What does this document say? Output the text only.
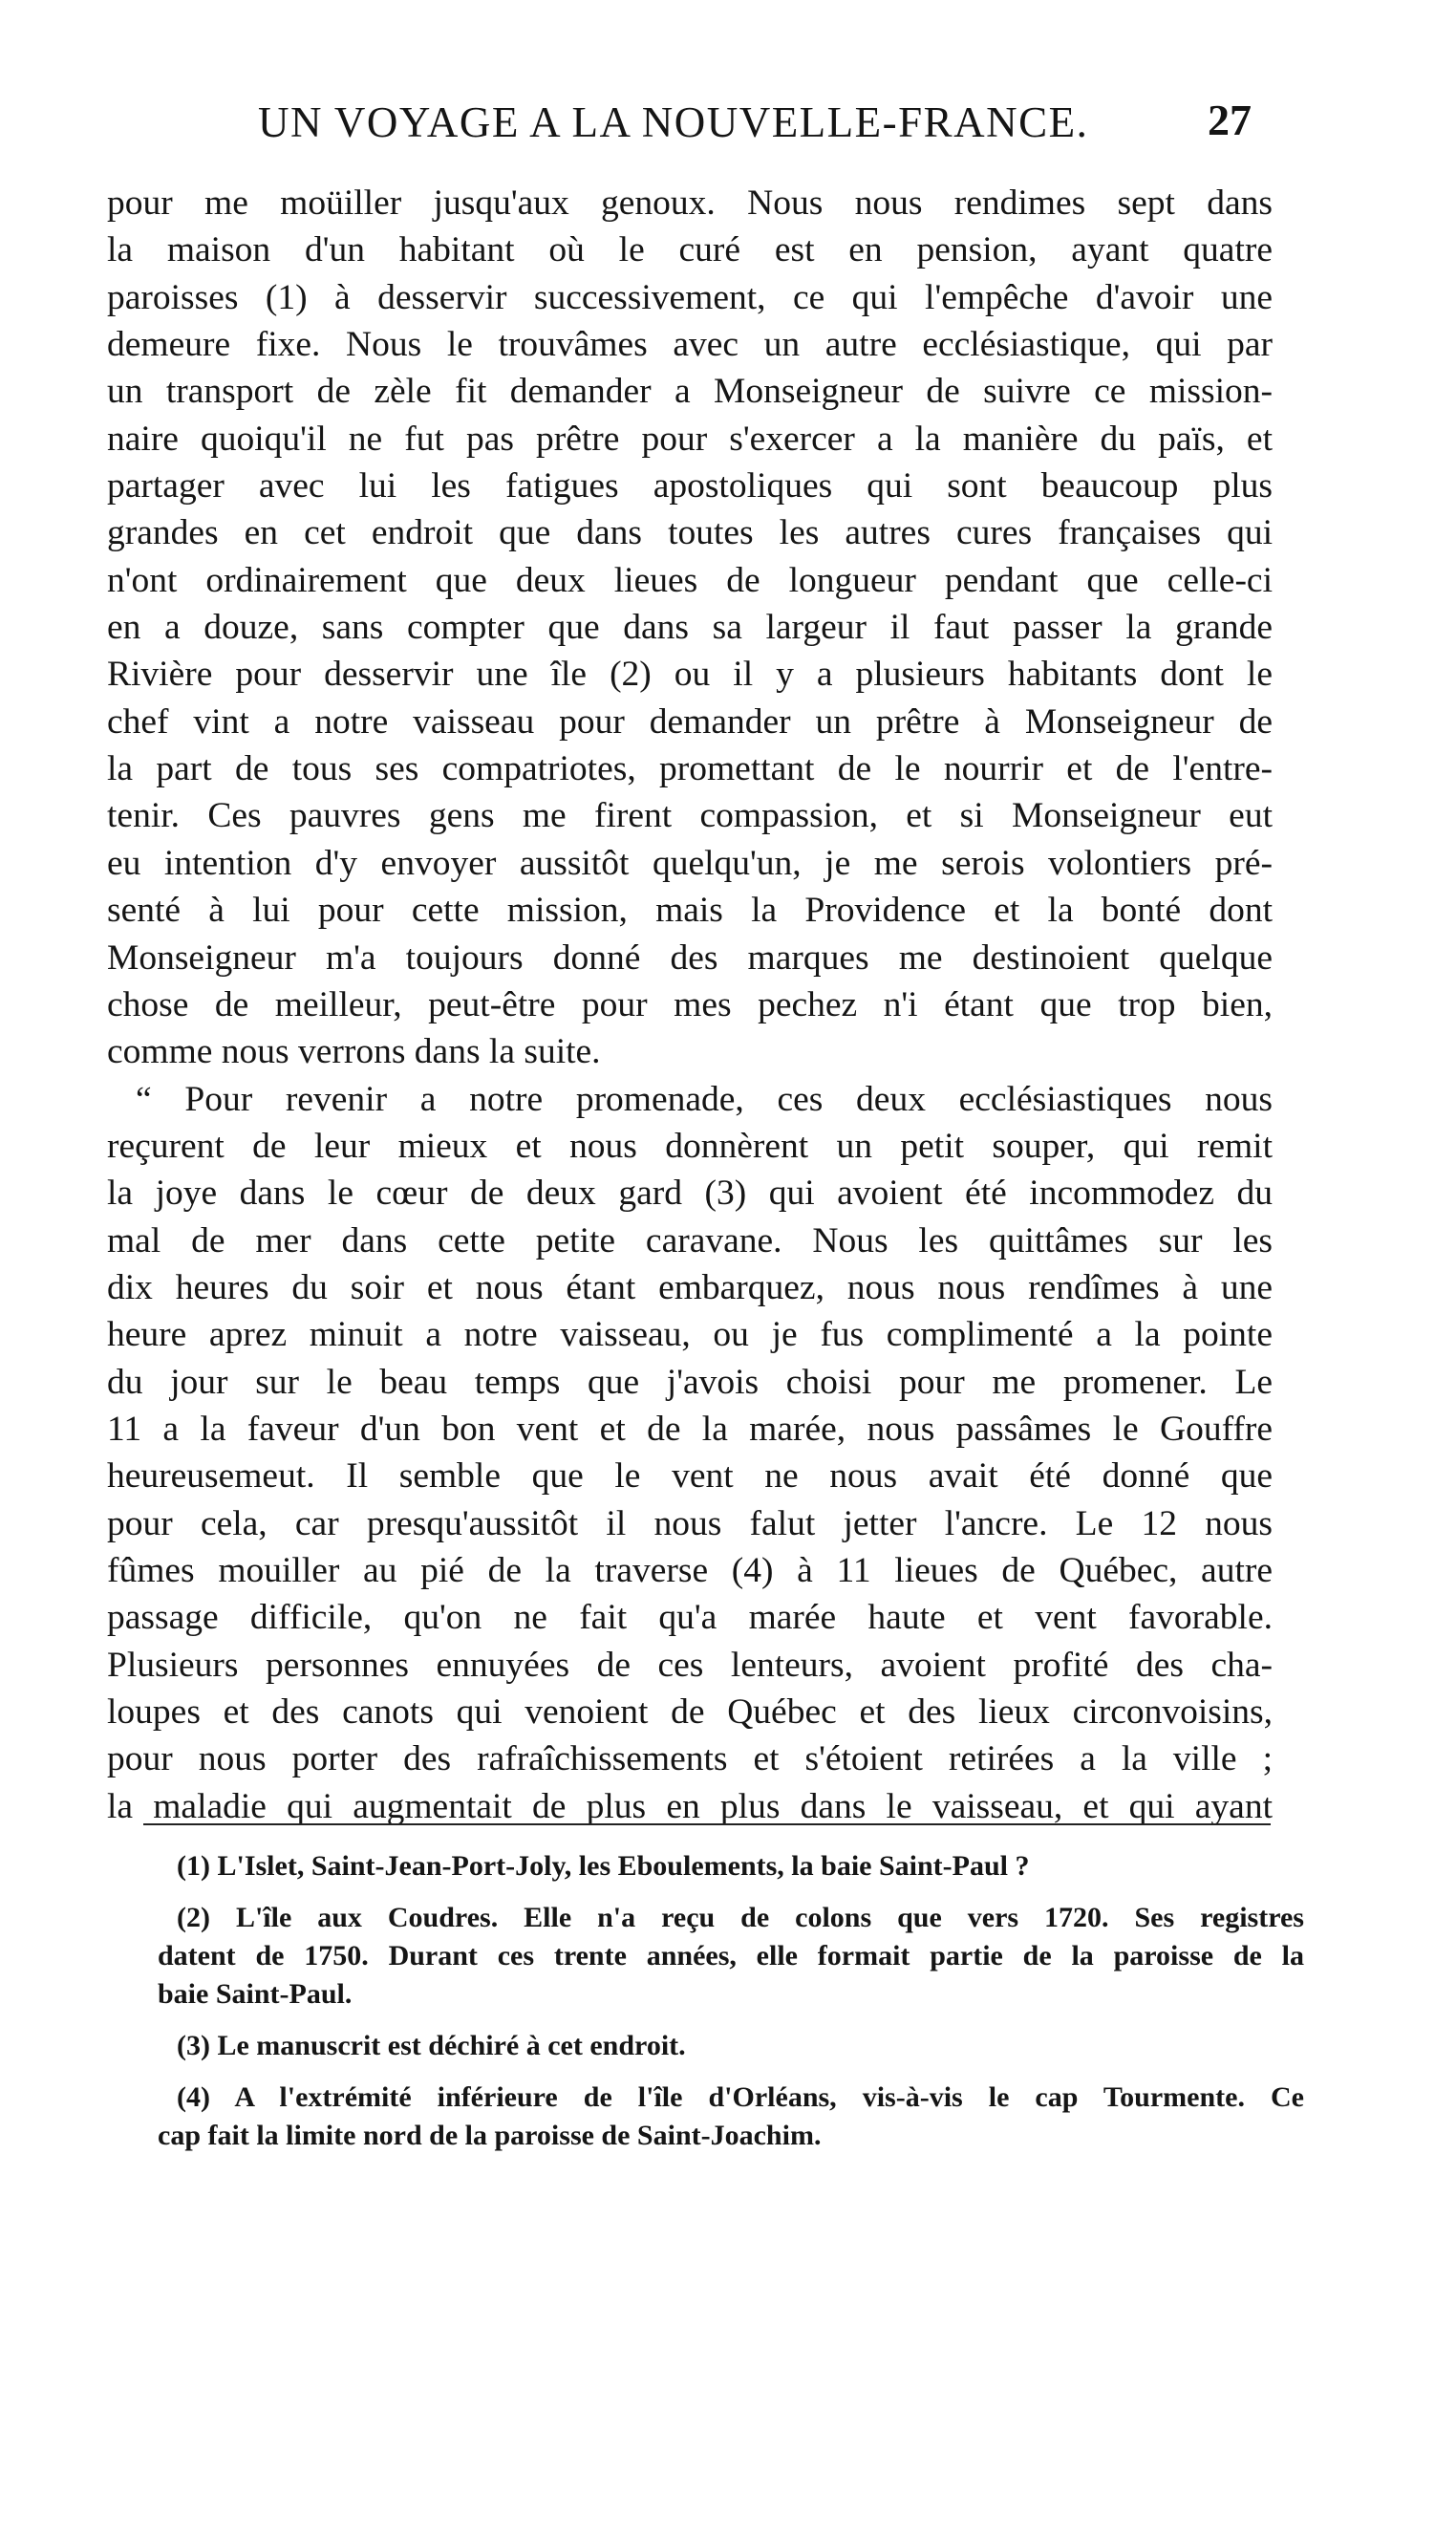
UN VOYAGE A LA NOUVELLE-FRANCE.	27
pour me moüiller jusqu'aux genoux. Nous nous rendimes sept dans
la maison d'un habitant où le curé est en pension, ayant quatre
paroisses (1) à desservir successivement, ce qui l'empêche d'avoir une
demeure fixe. Nous le trouvâmes avec un autre ecclésiastique, qui par
un transport de zèle fit demander a Monseigneur de suivre ce mission-
naire quoiqu'il ne fut pas prêtre pour s'exercer a la manière du païs, et
partager avec lui les fatigues apostoliques qui sont beaucoup plus
grandes en cet endroit que dans toutes les autres cures françaises qui
n'ont ordinairement que deux lieues de longueur pendant que celle-ci
en a douze, sans compter que dans sa largeur il faut passer la grande
Rivière pour desservir une île (2) ou il y a plusieurs habitants dont le
chef vint a notre vaisseau pour demander un prêtre à Monseigneur de
la part de tous ses compatriotes, promettant de le nourrir et de l'entre-
tenir. Ces pauvres gens me firent compassion, et si Monseigneur eut
eu intention d'y envoyer aussitôt quelqu'un, je me serois volontiers pré-
senté à lui pour cette mission, mais la Providence et la bonté dont
Monseigneur m'a toujours donné des marques me destinoient quelque
chose de meilleur, peut-être pour mes pechez n'i étant que trop bien,
comme nous verrons dans la suite.
“ Pour revenir a notre promenade, ces deux ecclésiastiques nous
reçurent de leur mieux et nous donnèrent un petit souper, qui remit
la joye dans le cœur de deux gard (3) qui avoient été incommodez du
mal de mer dans cette petite caravane. Nous les quittâmes sur les
dix heures du soir et nous étant embarquez, nous nous rendîmes à une
heure aprez minuit a notre vaisseau, ou je fus complimenté a la pointe
du jour sur le beau temps que j'avois choisi pour me promener. Le
11 a la faveur d'un bon vent et de la marée, nous passâmes le Gouffre
heureusemeut. Il semble que le vent ne nous avait été donné que
pour cela, car presqu'aussitôt il nous falut jetter l'ancre. Le 12 nous
fûmes mouiller au pié de la traverse (4) à 11 lieues de Québec, autre
passage difficile, qu'on ne fait qu'a marée haute et vent favorable.
Plusieurs personnes ennuyées de ces lenteurs, avoient profité des cha-
loupes et des canots qui venoient de Québec et des lieux circonvoisins,
pour nous porter des rafraîchissements et s'étoient retirées a la ville ;
la maladie qui augmentait de plus en plus dans le vaisseau, et qui ayant
(1) L'Islet, Saint-Jean-Port-Joly, les Eboulements, la baie Saint-Paul ?
(2) L'île aux Coudres. Elle n'a reçu de colons que vers 1720. Ses registres
datent de 1750. Durant ces trente années, elle formait partie de la paroisse de la
baie Saint-Paul.
(3) Le manuscrit est déchiré à cet endroit.
(4) A l'extrémité inférieure de l'île d'Orléans, vis-à-vis le cap Tourmente. Ce
cap fait la limite nord de la paroisse de Saint-Joachim.
